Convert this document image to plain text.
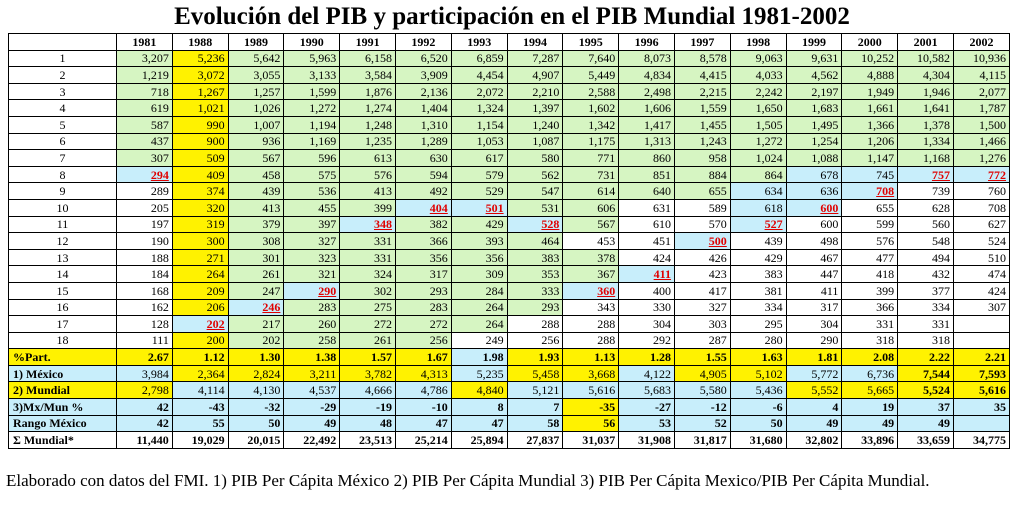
Evolución del PIB y participación en el PIB Mundial 1981-2002
	1981	1988	1989	1990	1991	1992	1993	1994	1995	1996	1997	1998	1999	2000	2001	2002
1	3,207	5,236	5,642	5,963	6,158	6,520	6,859	7,287	7,640	8,073	8,578	9,063	9,631	10,252	10,582	10,936
2	1,219	3,072	3,055	3,133	3,584	3,909	4,454	4,907	5,449	4,834	4,415	4,033	4,562	4,888	4,304	4,115
3	718	1,267	1,257	1,599	1,876	2,136	2,072	2,210	2,588	2,498	2,215	2,242	2,197	1,949	1,946	2,077
4	619	1,021	1,026	1,272	1,274	1,404	1,324	1,397	1,602	1,606	1,559	1,650	1,683	1,661	1,641	1,787
5	587	990	1,007	1,194	1,248	1,310	1,154	1,240	1,342	1,417	1,455	1,505	1,495	1,366	1,378	1,500
6	437	900	936	1,169	1,235	1,289	1,053	1,087	1,175	1,313	1,243	1,272	1,254	1,206	1,334	1,466
7	307	509	567	596	613	630	617	580	771	860	958	1,024	1,088	1,147	1,168	1,276
8	294	409	458	575	576	594	579	562	731	851	884	864	678	745	757	772
9	289	374	439	536	413	492	529	547	614	640	655	634	636	708	739	760
10	205	320	413	455	399	404	501	531	606	631	589	618	600	655	628	708
11	197	319	379	397	348	382	429	528	567	610	570	527	600	599	560	627
12	190	300	308	327	331	366	393	464	453	451	500	439	498	576	548	524
13	188	271	301	323	331	356	356	383	378	424	426	429	467	477	494	510
14	184	264	261	321	324	317	309	353	367	411	423	383	447	418	432	474
15	168	209	247	290	302	293	284	333	360	400	417	381	411	399	377	424
16	162	206	246	283	275	283	264	293	343	330	327	334	317	366	334	307
17	128	202	217	260	272	272	264	288	288	304	303	295	304	331	331	
18	111	200	202	258	261	256	249	256	288	292	287	280	290	318	318	
%Part.	2.67	1.12	1.30	1.38	1.57	1.67	1.98	1.93	1.13	1.28	1.55	1.63	1.81	2.08	2.22	2.21
1) México	3,984	2,364	2,824	3,211	3,782	4,313	5,235	5,458	3,668	4,122	4,905	5,102	5,772	6,736	7,544	7,593
2) Mundial	2,798	4,114	4,130	4,537	4,666	4,786	4,840	5,121	5,616	5,683	5,580	5,436	5,552	5,665	5,524	5,616
3)Mx/Mun %	42	-43	-32	-29	-19	-10	8	7	-35	-27	-12	-6	4	19	37	35
Rango México	42	55	50	49	48	47	47	58	56	53	52	50	49	49	49	
Σ Mundial*	11,440	19,029	20,015	22,492	23,513	25,214	25,894	27,837	31,037	31,908	31,817	31,680	32,802	33,896	33,659	34,775

Elaborado con datos del FMI. 1) PIB Per Cápita México 2) PIB Per Cápita Mundial 3) PIB Per Cápita Mexico/PIB Per Cápita Mundial.
